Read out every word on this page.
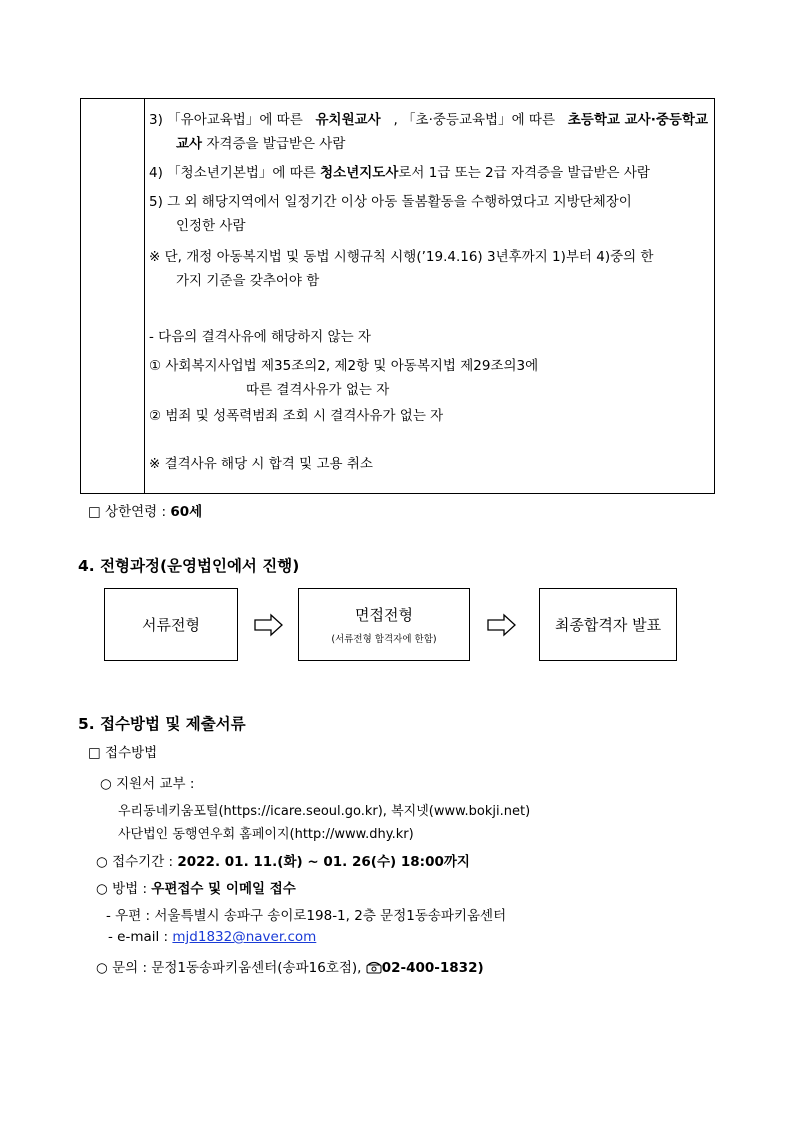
3) 「유아교육법」에 따른 유치원교사 , 「초·중등교육법」에 따른 초등학교 교사·중등학교
교사 자격증을 발급받은 사람
4) 「청소년기본법」에 따른 청소년지도사로서 1급 또는 2급 자격증을 발급받은 사람
5) 그 외 해당지역에서 일정기간 이상 아동 돌봄활동을 수행하였다고 지방단체장이
인정한 사람
※ 단, 개정 아동복지법 및 동법 시행규칙 시행(’19.4.16) 3년후까지 1)부터 4)중의 한
가지 기준을 갖추어야 함
- 다음의 결격사유에 해당하지 않는 자
① 사회복지사업법 제35조의2, 제2항 및 아동복지법 제29조의3에
따른 결격사유가 없는 자
② 범죄 및 성폭력범죄 조회 시 결격사유가 없는 자
※ 결격사유 해당 시 합격 및 고용 취소
□ 상한연령 : 60세
4. 전형과정(운영법인에서 진행)
서류전형
면접전형
(서류전형 합격자에 한함)
최종합격자 발표
5. 접수방법 및 제출서류
□ 접수방법
○ 지원서 교부 :
우리동네키움포털(https://icare.seoul.go.kr), 복지넷(www.bokji.net)
사단법인 동행연우회 홈페이지(http://www.dhy.kr)
○ 접수기간 : 2022. 01. 11.(화) ~ 01. 26(수) 18:00까지
○ 방법 : 우편접수 및 이메일 접수
- 우편 : 서울특별시 송파구 송이로198-1, 2층 문정1동송파키움센터
- e-mail : mjd1832@naver.com
○ 문의 : 문정1동송파키움센터(송파16호점), 02-400-1832)
